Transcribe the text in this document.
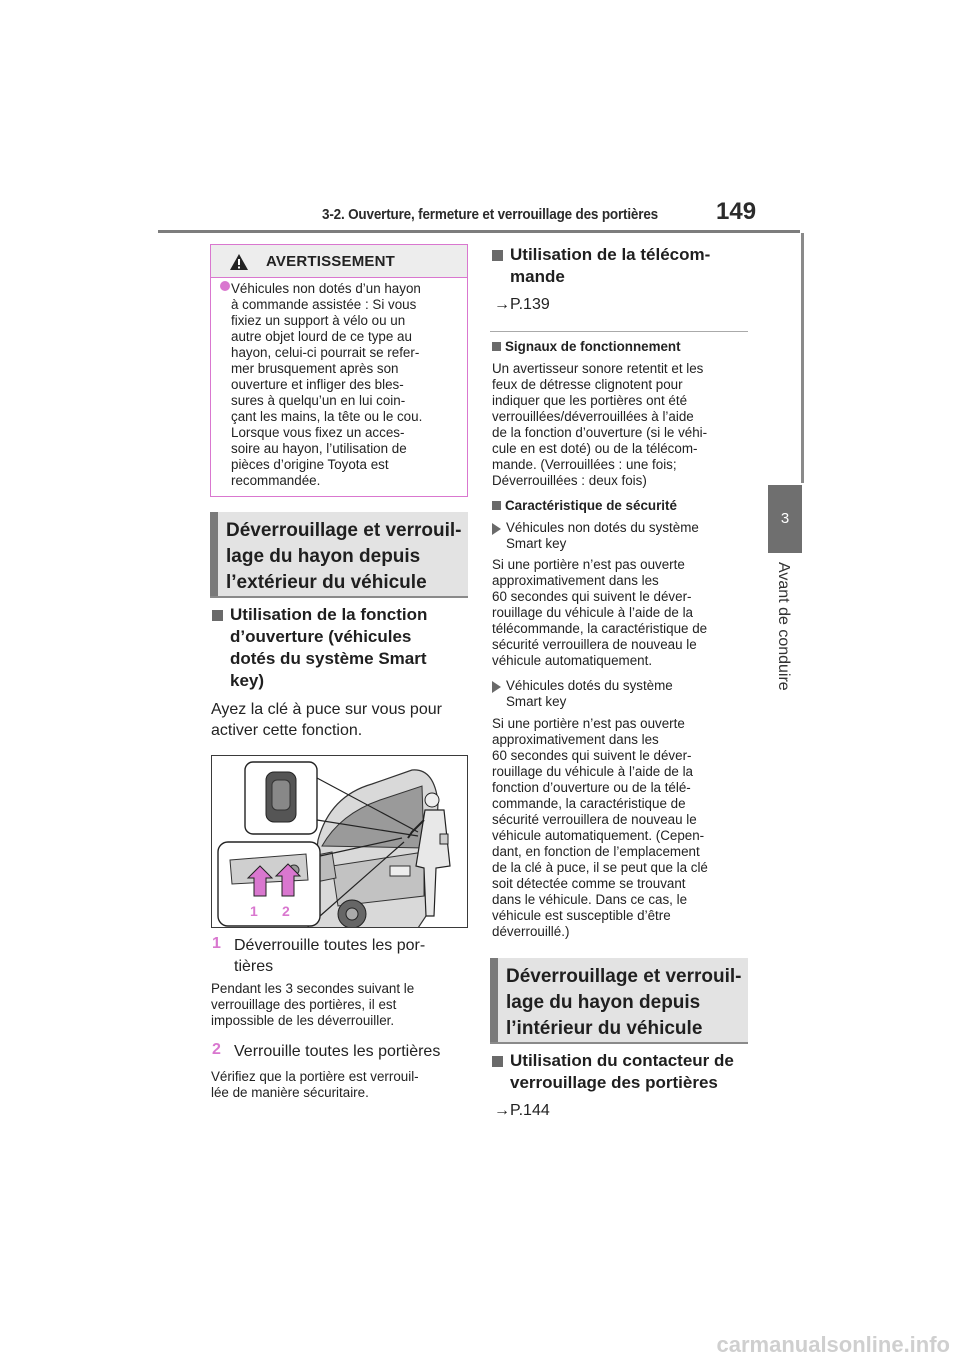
3-2. Ouverture, fermeture et verrouillage des portières 149
3
Avant de conduire
AVERTISSEMENT
Véhicules non dotés d’un hayon
à commande assistée : Si vous
fixiez un support à vélo ou un
autre objet lourd de ce type au
hayon, celui-ci pourrait se refer-
mer brusquement après son
ouverture et infliger des bles-
sures à quelqu’un en lui coin-
çant les mains, la tête ou le cou.
Lorsque vous fixez un acces-
soire au hayon, l’utilisation de
pièces d’origine Toyota est
recommandée.
Déverrouillage et verrouil-
lage du hayon depuis
l’extérieur du véhicule

Utilisation de la fonction
d’ouverture (véhicules
dotés du système Smart
key)

Ayez la clé à puce sur vous pour
activer cette fonction.
1 2
1 Déverrouille toutes les por-
tières
Pendant les 3 secondes suivant le
verrouillage des portières, il est
impossible de les déverrouiller.
2 Verrouille toutes les portières
Vérifiez que la portière est verrouil-
lée de manière sécuritaire.

Utilisation de la télécom-
mande

→P.139
Signaux de fonctionnement
Un avertisseur sonore retentit et les
feux de détresse clignotent pour
indiquer que les portières ont été
verrouillées/déverrouillées à l’aide
de la fonction d’ouverture (si le véhi-
cule en est doté) ou de la télécom-
mande. (Verrouillées : une fois;
Déverrouillées : deux fois)
Caractéristique de sécurité
Véhicules non dotés du système
Smart key
Si une portière n’est pas ouverte
approximativement dans les
60 secondes qui suivent le déver-
rouillage du véhicule à l’aide de la
télécommande, la caractéristique de
sécurité verrouillera de nouveau le
véhicule automatiquement.
Véhicules dotés du système
Smart key
Si une portière n’est pas ouverte
approximativement dans les
60 secondes qui suivent le déver-
rouillage du véhicule à l’aide de la
fonction d’ouverture ou de la télé-
commande, la caractéristique de
sécurité verrouillera de nouveau le
véhicule automatiquement. (Cepen-
dant, en fonction de l’emplacement
de la clé à puce, il se peut que la clé
soit détectée comme se trouvant
dans le véhicule. Dans ce cas, le
véhicule est susceptible d’être
déverrouillé.)
Déverrouillage et verrouil-
lage du hayon depuis
l’intérieur du véhicule

Utilisation du contacteur de
verrouillage des portières

→P.144
carmanualsonline.info
